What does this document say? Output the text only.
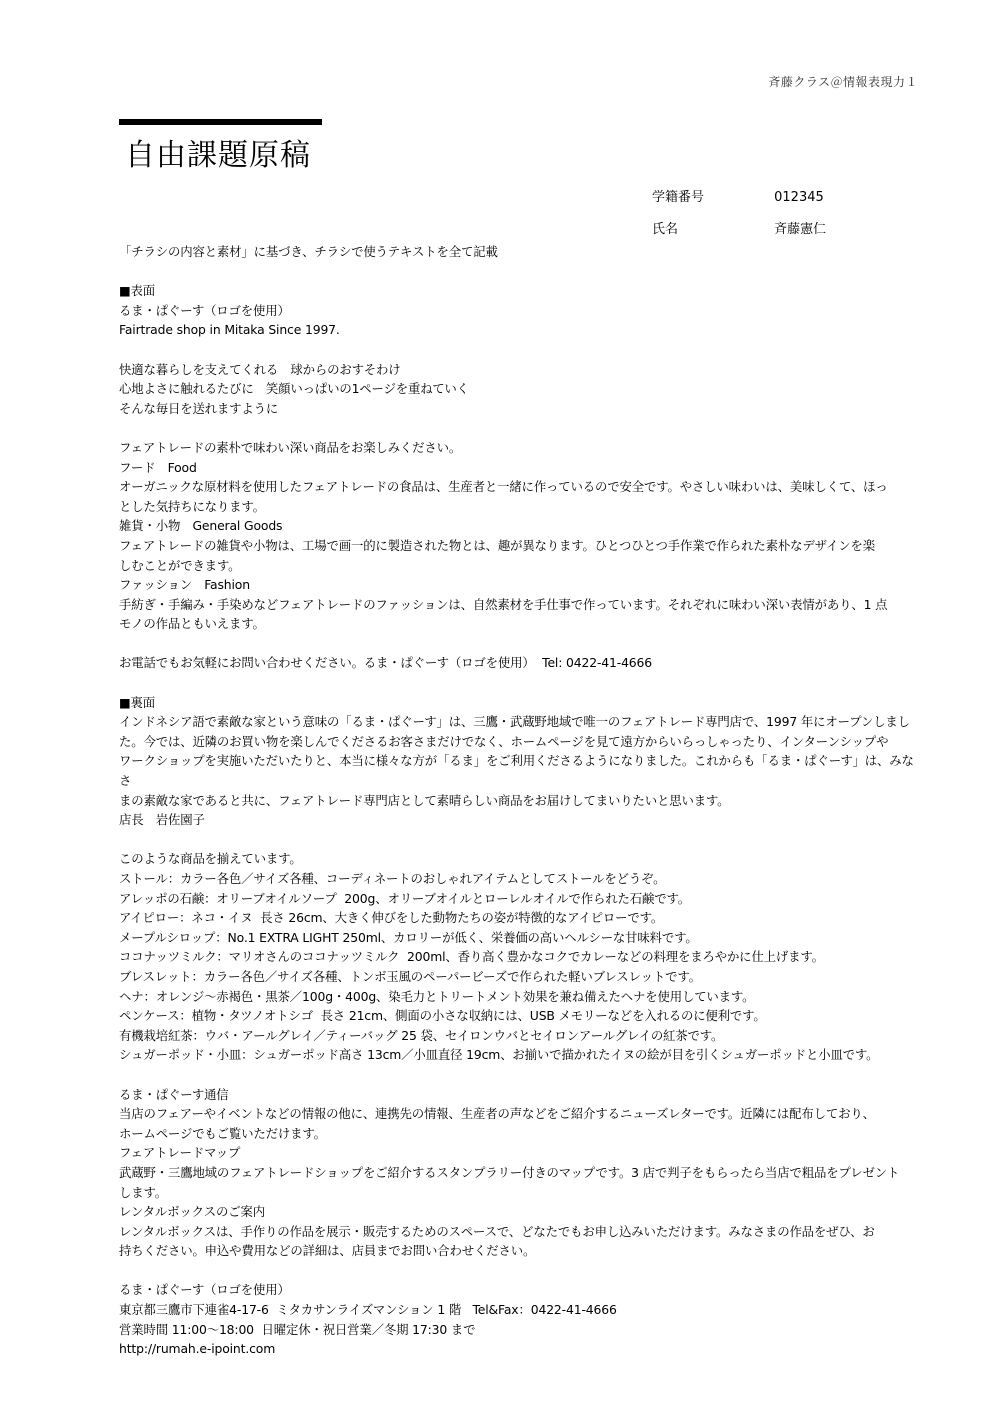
斉藤クラス＠情報表現力１
自由課題原稿
学籍番号	012345
氏名	斉藤憲仁

「チラシの内容と素材」に基づき、チラシで使うテキストを全て記載

■表面

るま・ぱぐーす（ロゴを使用）

Fairtrade shop in Mitaka Since 1997.

快適な暮らしを支えてくれる　球からのおすそわけ

心地よさに触れるたびに　笑顔いっぱいの1ページを重ねていく

そんな毎日を送れますように

フェアトレードの素朴で味わい深い商品をお楽しみください。

フード　Food

オーガニックな原材料を使用したフェアトレードの食品は、生産者と一緒に作っているので安全です。やさしい味わいは、美味しくて、ほっ

とした気持ちになります。

雑貨・小物　General Goods

フェアトレードの雑貨や小物は、工場で画一的に製造された物とは、趣が異なります。ひとつひとつ手作業で作られた素朴なデザインを楽

しむことができます。

ファッション　Fashion

手紡ぎ・手編み・手染めなどフェアトレードのファッションは、自然素材を手仕事で作っています。それぞれに味わい深い表情があり、1 点

モノの作品ともいえます。

お電話でもお気軽にお問い合わせください。るま・ぱぐーす（ロゴを使用）  Tel: 0422-41-4666

■裏面

インドネシア語で素敵な家という意味の「るま・ぱぐーす」は、三鷹・武蔵野地域で唯一のフェアトレード専門店で、1997 年にオープンしまし

た。今では、近隣のお買い物を楽しんでくださるお客さまだけでなく、ホームページを見て遠方からいらっしゃったり、インターンシップや

ワークショップを実施いただいたりと、本当に様々な方が「るま」をご利用くださるようになりました。これからも「るま・ぱぐーす」は、みなさ

まの素敵な家であると共に、フェアトレード専門店として素晴らしい商品をお届けしてまいりたいと思います。

店長　岩佐園子

このような商品を揃えています。

ストール：カラー各色／サイズ各種、コーディネートのおしゃれアイテムとしてストールをどうぞ。

アレッポの石鹸：オリーブオイルソープ  200g、オリーブオイルとローレルオイルで作られた石鹸です。

アイピロー：ネコ・イヌ  長さ 26cm、大きく伸びをした動物たちの姿が特徴的なアイピローです。

メープルシロップ：No.1 EXTRA LIGHT 250ml、カロリーが低く、栄養価の高いヘルシーな甘味料です。

ココナッツミルク：マリオさんのココナッツミルク  200ml、香り高く豊かなコクでカレーなどの料理をまろやかに仕上げます。

ブレスレット：カラー各色／サイズ各種、トンボ玉風のペーパービーズで作られた軽いブレスレットです。

ヘナ：オレンジ～赤褐色・黒茶／100g・400g、染毛力とトリートメント効果を兼ね備えたヘナを使用しています。

ペンケース：植物・タツノオトシゴ  長さ 21cm、側面の小さな収納には、USB メモリーなどを入れるのに便利です。

有機栽培紅茶：ウバ・アールグレイ／ティーバッグ 25 袋、セイロンウバとセイロンアールグレイの紅茶です。

シュガーポッド・小皿：シュガーポッド高さ 13cm／小皿直径 19cm、お揃いで描かれたイヌの絵が目を引くシュガーポッドと小皿です。

るま・ぱぐーす通信

当店のフェアーやイベントなどの情報の他に、連携先の情報、生産者の声などをご紹介するニューズレターです。近隣には配布しており、

ホームページでもご覧いただけます。

フェアトレードマップ

武蔵野・三鷹地域のフェアトレードショップをご紹介するスタンプラリー付きのマップです。3 店で判子をもらったら当店で粗品をプレゼント

します。

レンタルボックスのご案内

レンタルボックスは、手作りの作品を展示・販売するためのスペースで、どなたでもお申し込みいただけます。みなさまの作品をぜひ、お

持ちください。申込や費用などの詳細は、店員までお問い合わせください。

るま・ぱぐーす（ロゴを使用）

東京都三鷹市下連雀4-17-6  ミタカサンライズマンション 1 階   Tel&Fax：0422-41-4666

営業時間 11:00～18:00  日曜定休・祝日営業／冬期 17:30 まで

http://rumah.e-ipoint.com
